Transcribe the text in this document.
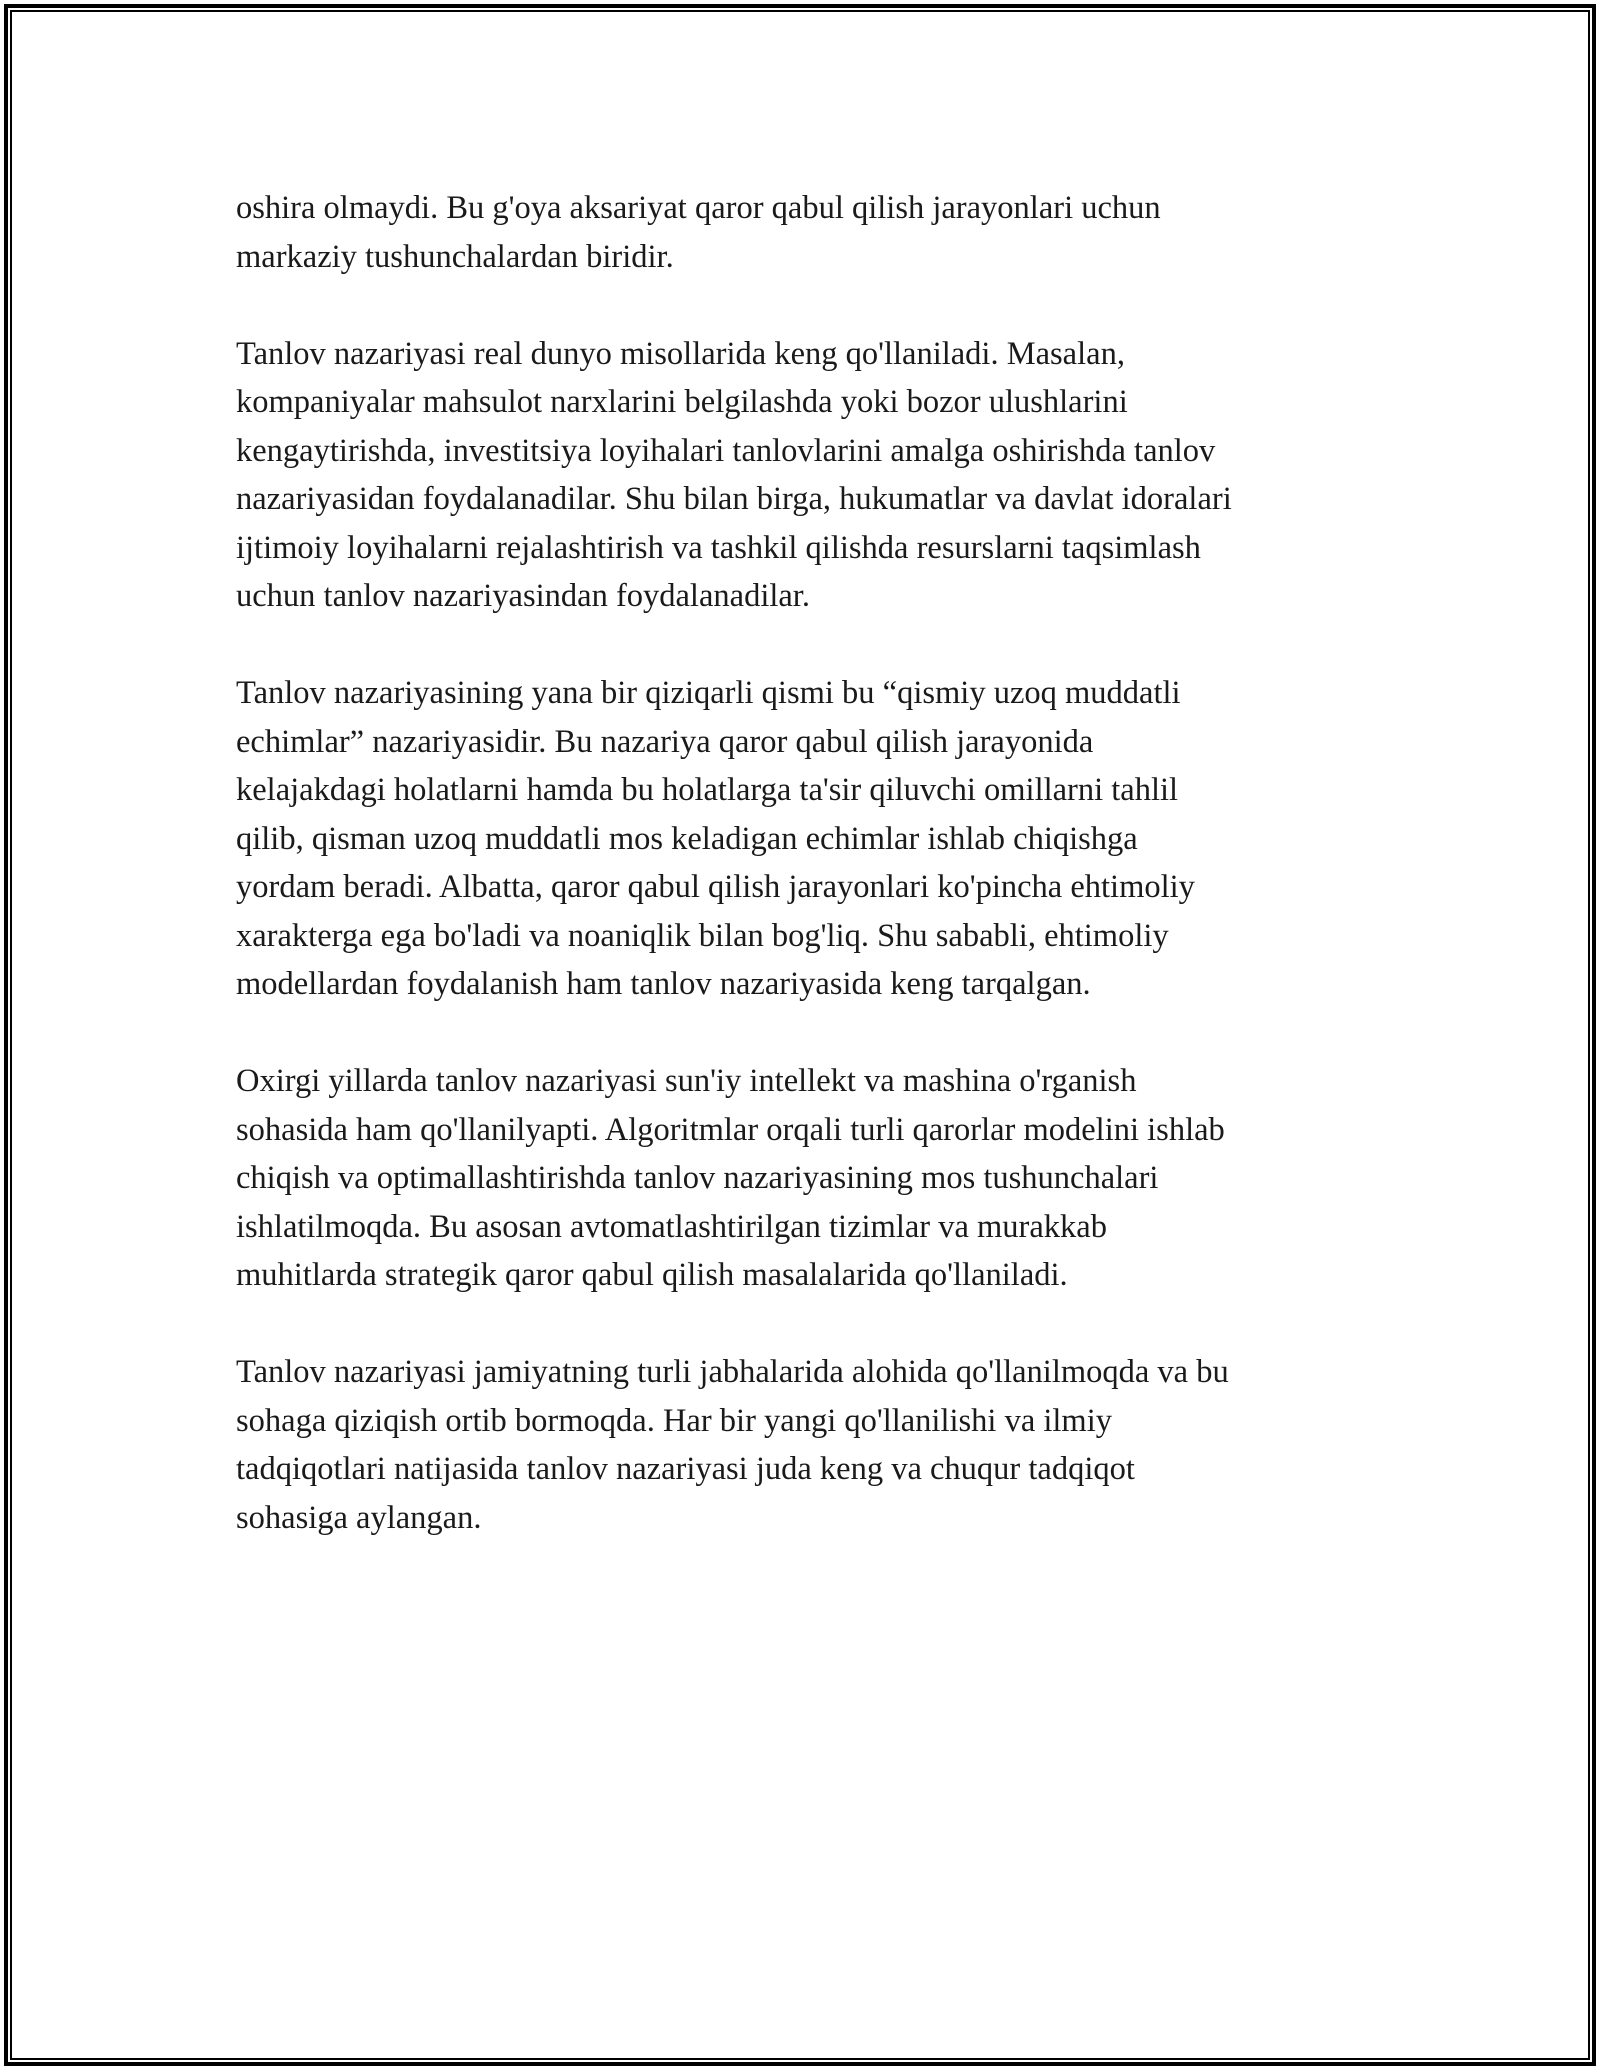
oshira olmaydi. Bu g'oya aksariyat qaror qabul qilish jarayonlari uchun
markaziy tushunchalardan biridir.

Tanlov nazariyasi real dunyo misollarida keng qo'llaniladi. Masalan,
kompaniyalar mahsulot narxlarini belgilashda yoki bozor ulushlarini
kengaytirishda, investitsiya loyihalari tanlovlarini amalga oshirishda tanlov
nazariyasidan foydalanadilar. Shu bilan birga, hukumatlar va davlat idoralari
ijtimoiy loyihalarni rejalashtirish va tashkil qilishda resurslarni taqsimlash
uchun tanlov nazariyasindan foydalanadilar.

Tanlov nazariyasining yana bir qiziqarli qismi bu “qismiy uzoq muddatli
echimlar” nazariyasidir. Bu nazariya qaror qabul qilish jarayonida
kelajakdagi holatlarni hamda bu holatlarga ta'sir qiluvchi omillarni tahlil
qilib, qisman uzoq muddatli mos keladigan echimlar ishlab chiqishga
yordam beradi. Albatta, qaror qabul qilish jarayonlari ko'pincha ehtimoliy
xarakterga ega bo'ladi va noaniqlik bilan bog'liq. Shu sababli, ehtimoliy
modellardan foydalanish ham tanlov nazariyasida keng tarqalgan.

Oxirgi yillarda tanlov nazariyasi sun'iy intellekt va mashina o'rganish
sohasida ham qo'llanilyapti. Algoritmlar orqali turli qarorlar modelini ishlab
chiqish va optimallashtirishda tanlov nazariyasining mos tushunchalari
ishlatilmoqda. Bu asosan avtomatlashtirilgan tizimlar va murakkab
muhitlarda strategik qaror qabul qilish masalalarida qo'llaniladi.

Tanlov nazariyasi jamiyatning turli jabhalarida alohida qo'llanilmoqda va bu
sohaga qiziqish ortib bormoqda. Har bir yangi qo'llanilishi va ilmiy
tadqiqotlari natijasida tanlov nazariyasi juda keng va chuqur tadqiqot
sohasiga aylangan.
